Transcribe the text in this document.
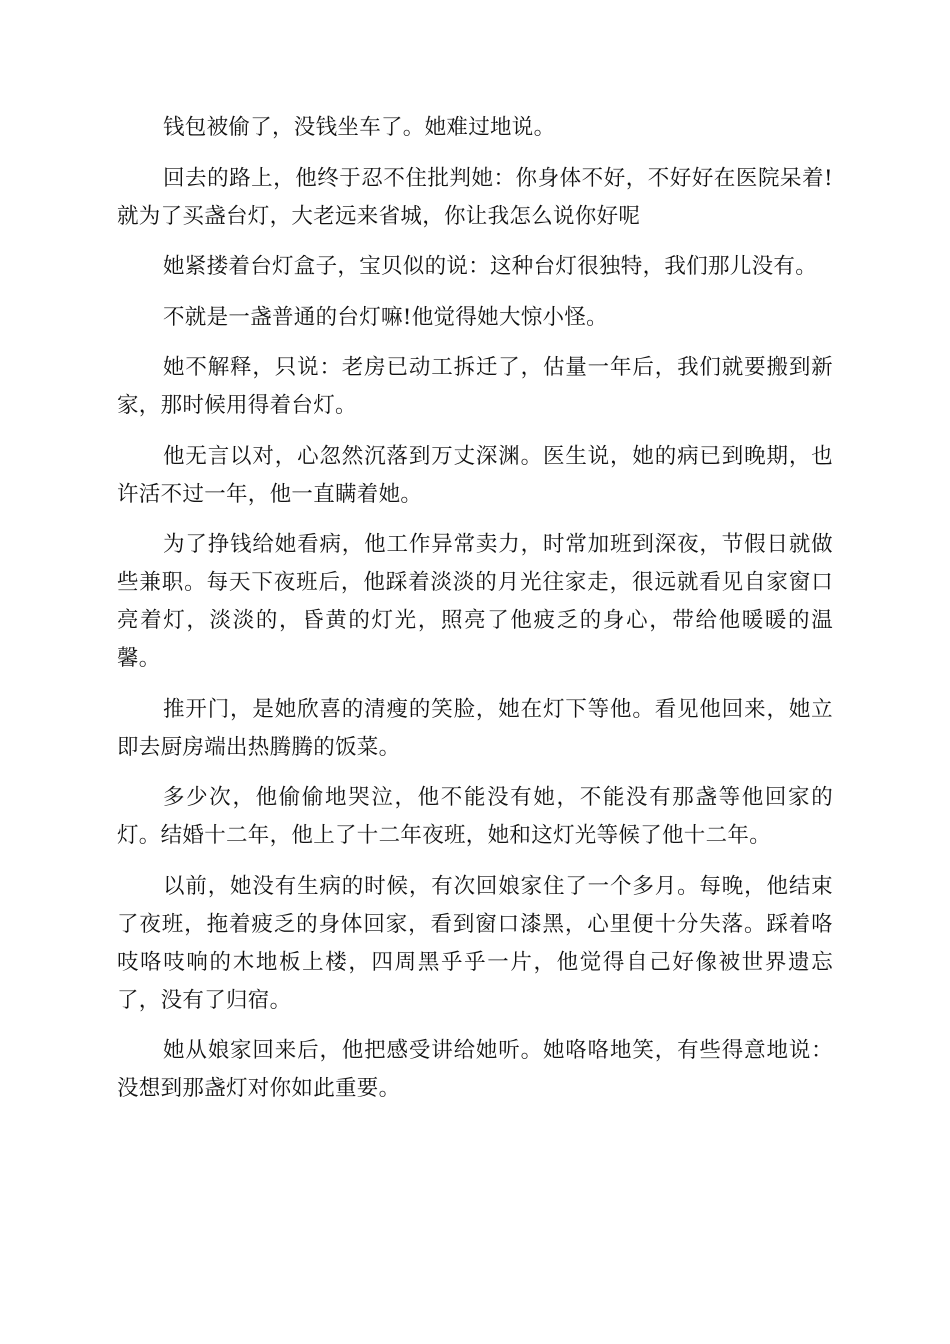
钱包被偷了，没钱坐车了。她难过地说。

回去的路上，他终于忍不住批判她：你身体不好，不好好在医院呆着!就为了买盏台灯，大老远来省城，你让我怎么说你好呢

她紧搂着台灯盒子，宝贝似的说：这种台灯很独特，我们那儿没有。

不就是一盏普通的台灯嘛!他觉得她大惊小怪。

她不解释，只说：老房已动工拆迁了，估量一年后，我们就要搬到新家，那时候用得着台灯。

他无言以对，心忽然沉落到万丈深渊。医生说，她的病已到晚期，也许活不过一年，他一直瞒着她。

为了挣钱给她看病，他工作异常卖力，时常加班到深夜，节假日就做些兼职。每天下夜班后，他踩着淡淡的月光往家走，很远就看见自家窗口亮着灯，淡淡的，昏黄的灯光，照亮了他疲乏的身心，带给他暖暖的温馨。

推开门，是她欣喜的清瘦的笑脸，她在灯下等他。看见他回来，她立即去厨房端出热腾腾的饭菜。

多少次，他偷偷地哭泣，他不能没有她，不能没有那盏等他回家的灯。结婚十二年，他上了十二年夜班，她和这灯光等候了他十二年。

以前，她没有生病的时候，有次回娘家住了一个多月。每晚，他结束了夜班，拖着疲乏的身体回家，看到窗口漆黑，心里便十分失落。踩着咯吱咯吱响的木地板上楼，四周黑乎乎一片，他觉得自己好像被世界遗忘了，没有了归宿。

她从娘家回来后，他把感受讲给她听。她咯咯地笑，有些得意地说：没想到那盏灯对你如此重要。
